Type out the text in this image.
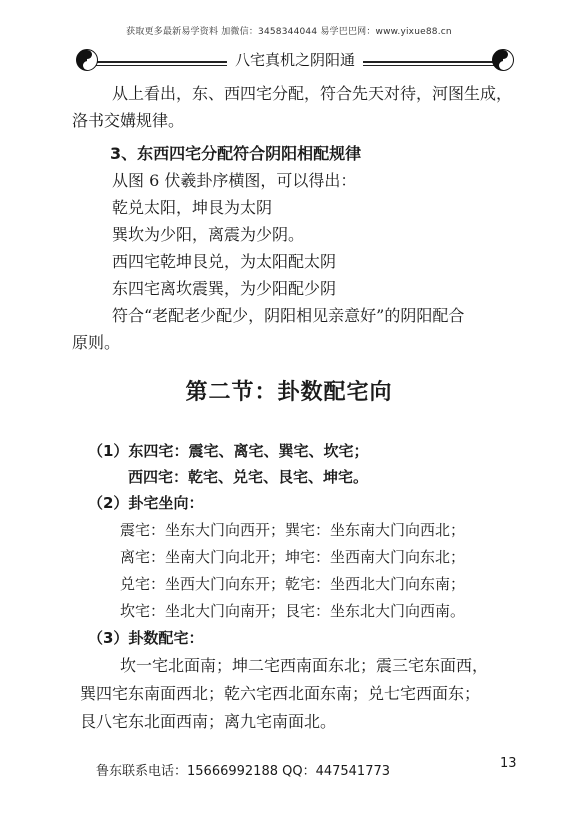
获取更多最新易学资料 加微信：3458344044 易学巴巴网：www.yixue88.cn
八宅真机之阴阳通

从上看出，东、西四宅分配，符合先天对待，河图生成，

洛书交媾规律。

3、东西四宅分配符合阴阳相配规律

从图 6 伏羲卦序横图，可以得出：

乾兑太阳，坤艮为太阴

巽坎为少阳，离震为少阴。

西四宅乾坤艮兑，为太阳配太阴

东四宅离坎震巽，为少阳配少阴

符合“老配老少配少，阴阳相见亲意好”的阴阳配合

原则。

第二节：卦数配宅向

（1）东四宅：震宅、离宅、巽宅、坎宅；

西四宅：乾宅、兑宅、艮宅、坤宅。

（2）卦宅坐向：

震宅：坐东大门向西开；巽宅：坐东南大门向西北；

离宅：坐南大门向北开；坤宅：坐西南大门向东北；

兑宅：坐西大门向东开；乾宅：坐西北大门向东南；

坎宅：坐北大门向南开；艮宅：坐东北大门向西南。

（3）卦数配宅：

坎一宅北面南；坤二宅西南面东北；震三宅东面西，

巽四宅东南面西北；乾六宅西北面东南；兑七宅西面东；

艮八宅东北面西南；离九宅南面北。

鲁东联系电话：15666992188 QQ：447541773
13
